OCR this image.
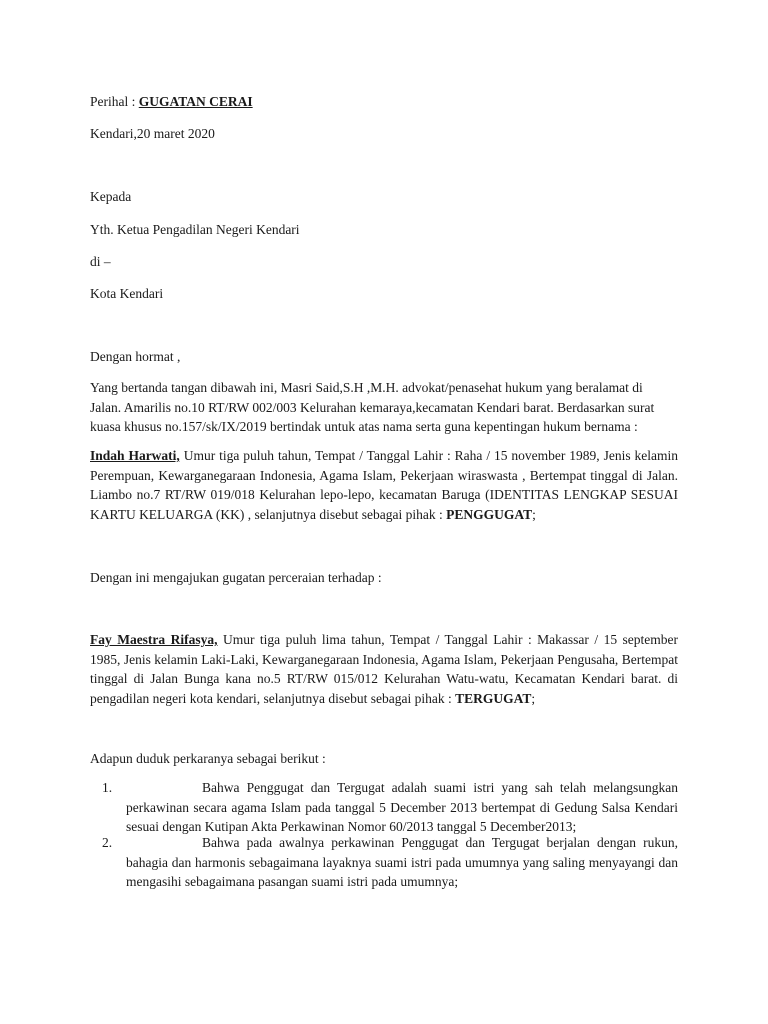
Perihal : GUGATAN CERAI
Kendari,20 maret 2020
Kepada
Yth. Ketua Pengadilan Negeri Kendari
di –
Kota Kendari
Dengan hormat ,
Yang bertanda tangan dibawah ini, Masri Said,S.H ,M.H. advokat/penasehat hukum yang beralamat di Jalan. Amarilis no.10 RT/RW 002/003 Kelurahan kemaraya,kecamatan Kendari barat. Berdasarkan surat kuasa khusus no.157/sk/IX/2019 bertindak untuk atas nama serta guna kepentingan hukum bernama :
Indah Harwati, Umur tiga puluh tahun, Tempat / Tanggal Lahir : Raha / 15 november 1989, Jenis kelamin Perempuan, Kewarganegaraan Indonesia, Agama Islam, Pekerjaan wiraswasta , Bertempat tinggal di Jalan. Liambo no.7 RT/RW 019/018 Kelurahan lepo-lepo, kecamatan Baruga (IDENTITAS LENGKAP SESUAI KARTU KELUARGA (KK) , selanjutnya disebut sebagai pihak : PENGGUGAT;
Dengan ini mengajukan gugatan perceraian terhadap :
Fay Maestra Rifasya, Umur tiga puluh lima tahun, Tempat / Tanggal Lahir : Makassar / 15 september 1985, Jenis kelamin Laki-Laki, Kewarganegaraan Indonesia, Agama Islam, Pekerjaan Pengusaha, Bertempat tinggal di Jalan Bunga kana no.5 RT/RW 015/012 Kelurahan Watu-watu, Kecamatan Kendari barat. di pengadilan negeri kota kendari, selanjutnya disebut sebagai pihak : TERGUGAT;
Adapun duduk perkaranya sebagai berikut :
1.	Bahwa Penggugat dan Tergugat adalah suami istri yang sah telah melangsungkan perkawinan secara agama Islam pada tanggal 5 December 2013 bertempat di Gedung Salsa Kendari sesuai dengan Kutipan Akta Perkawinan Nomor 60/2013 tanggal 5 December2013;
2.	Bahwa pada awalnya perkawinan Penggugat dan Tergugat berjalan dengan rukun, bahagia dan harmonis sebagaimana layaknya suami istri pada umumnya yang saling menyayangi dan mengasihi sebagaimana pasangan suami istri pada umumnya;
